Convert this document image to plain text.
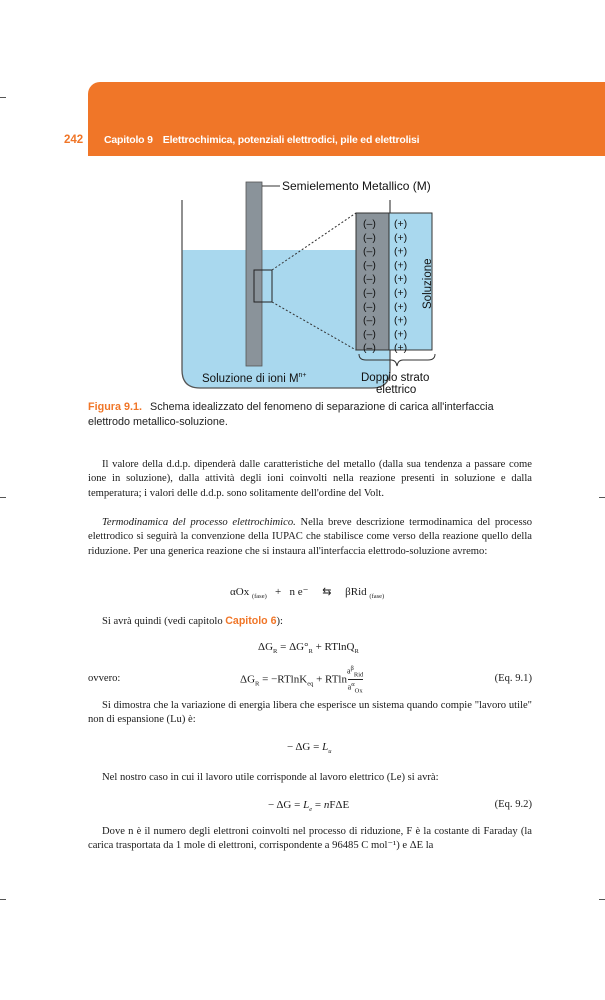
242 Capitolo 9 Elettrochimica, potenziali elettrodici, pile ed elettrolisi
Semielemento Metallico (M)
(–) (+)
(–) (+)
(–) (+)
(–) (+)
(–) (+)
(–) (+)
(–) (+)
(–) (+)
(–) (+)
(–) (+)
Soluzione
Doppio strato
elettrico
Soluzione di ioni $M^{n+}$
Figura 9.1. Schema idealizzato del fenomeno di separazione di carica all'interfaccia elettrodo metallico-soluzione.
Il valore della d.d.p. dipenderà dalle caratteristiche del metallo (dalla sua tendenza a passare come ione in soluzione), dalla attività degli ioni coinvolti nella reazione presenti in soluzione e dalla temperatura; i valori delle d.d.p. sono solitamente dell'ordine del Volt.
Termodinamica del processo elettrochimico. Nella breve descrizione termodinamica del processo elettrodico si seguirà la convenzione della IUPAC che stabilisce come verso della reazione quello della riduzione. Per una generica reazione che si instaura all'interfaccia elettrodo-soluzione avremo:
αOx $_{(fase)}$ + n e⁻ ⇆ βRid $_{(fase)}$
Si avrà quindi (vedi capitolo Capitolo 6):
$\Delta G_R = \Delta G^\circ_R + RTlnQ_R$
ovvero:	$\Delta G_R = -RTlnK_{eq} + RTlna^\beta_{Rid}$
$a^\alpha_{Ox}$
(Eq. 9.1)
Si dimostra che la variazione di energia libera che esperisce un sistema quando compie "lavoro utile" non di espansione (Lu) è:
− $\Delta G = L_u$
Nel nostro caso in cui il lavoro utile corrisponde al lavoro elettrico (Le) si avrà:
− $\Delta G = L_e = nF\Delta E$	(Eq. 9.2)
Dove n è il numero degli elettroni coinvolti nel processo di riduzione, F è la costante di Faraday (la carica trasportata da 1 mole di elettroni, corrispondente a 96485 C mol⁻¹) e ΔE la
